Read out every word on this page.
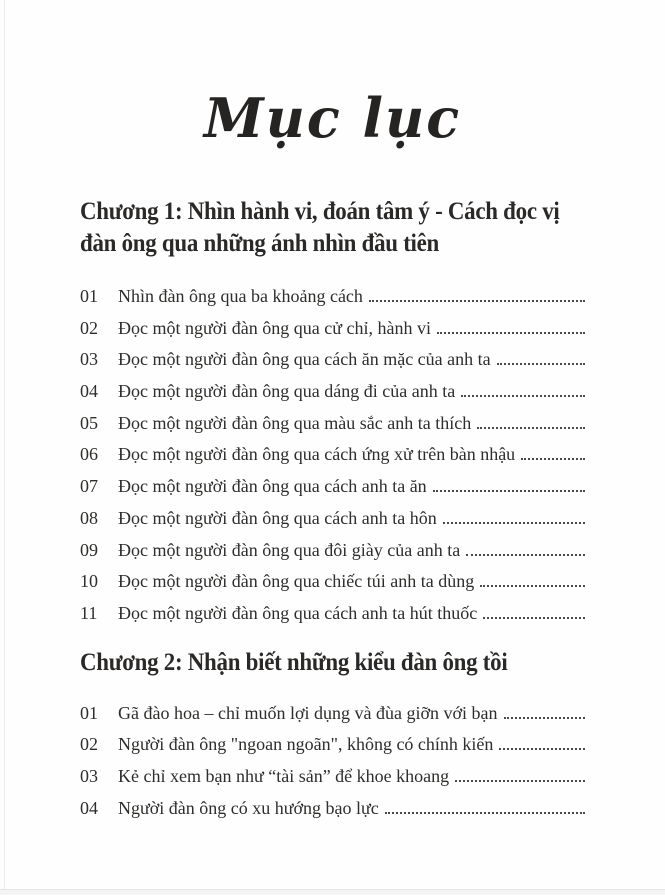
Mục lục
Chương 1: Nhìn hành vi, đoán tâm ý - Cách đọc vị đàn ông qua những ánh nhìn đầu tiên
01	Nhìn đàn ông qua ba khoảng cách
02	Đọc một người đàn ông qua cử chỉ, hành vi
03	Đọc một người đàn ông qua cách ăn mặc của anh ta
04	Đọc một người đàn ông qua dáng đi của anh ta
05	Đọc một người đàn ông qua màu sắc anh ta thích
06	Đọc một người đàn ông qua cách ứng xử trên bàn nhậu
07	Đọc một người đàn ông qua cách anh ta ăn
08	Đọc một người đàn ông qua cách anh ta hôn
09	Đọc một người đàn ông qua đôi giày của anh ta
10	Đọc một người đàn ông qua chiếc túi anh ta dùng
11	Đọc một người đàn ông qua cách anh ta hút thuốc
Chương 2: Nhận biết những kiểu đàn ông tồi
01	Gã đào hoa – chỉ muốn lợi dụng và đùa giỡn với bạn
02	Người đàn ông "ngoan ngoãn", không có chính kiến
03	Kẻ chỉ xem bạn như “tài sản” để khoe khoang
04	Người đàn ông có xu hướng bạo lực
